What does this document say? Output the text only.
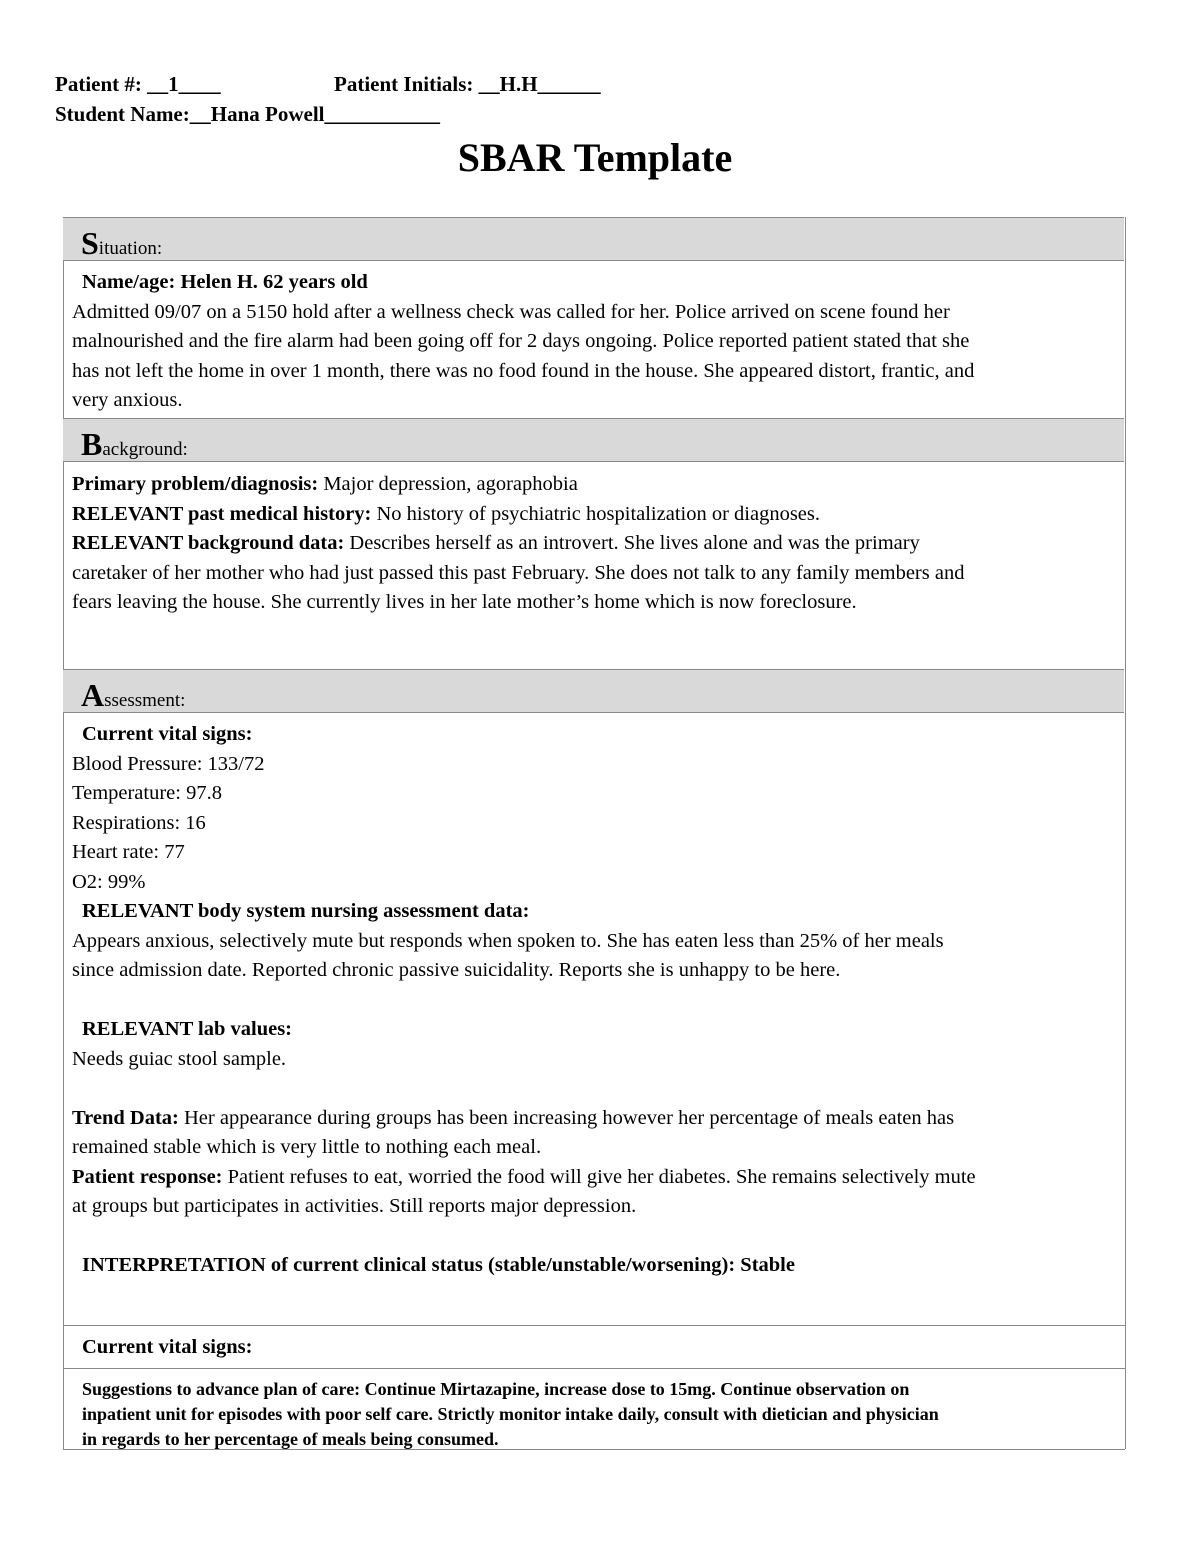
Patient #: __1____	Patient Initials: __H.H______
Student Name:__Hana Powell___________
SBAR Template
Situation:

Name/age: Helen H. 62 years old

Admitted 09/07 on a 5150 hold after a wellness check was called for her. Police arrived on scene found her

malnourished and the fire alarm had been going off for 2 days ongoing. Police reported patient stated that she

has not left the home in over 1 month, there was no food found in the house. She appeared distort, frantic, and

very anxious.

Background:

Primary problem/diagnosis: Major depression, agoraphobia

RELEVANT past medical history: No history of psychiatric hospitalization or diagnoses.

RELEVANT background data: Describes herself as an introvert. She lives alone and was the primary

caretaker of her mother who had just passed this past February. She does not talk to any family members and

fears leaving the house. She currently lives in her late mother’s home which is now foreclosure.

Assessment:

Current vital signs:

Blood Pressure: 133/72

Temperature: 97.8

Respirations: 16

Heart rate: 77

O2: 99%

RELEVANT body system nursing assessment data:

Appears anxious, selectively mute but responds when spoken to. She has eaten less than 25% of her meals

since admission date. Reported chronic passive suicidality. Reports she is unhappy to be here.

RELEVANT lab values:

Needs guiac stool sample.

Trend Data: Her appearance during groups has been increasing however her percentage of meals eaten has

remained stable which is very little to nothing each meal.

Patient response: Patient refuses to eat, worried the food will give her diabetes. She remains selectively mute

at groups but participates in activities. Still reports major depression.

INTERPRETATION of current clinical status (stable/unstable/worsening): Stable

Current vital signs:

Suggestions to advance plan of care: Continue Mirtazapine, increase dose to 15mg. Continue observation on
inpatient unit for episodes with poor self care. Strictly monitor intake daily, consult with dietician and physician
in regards to her percentage of meals being consumed.
